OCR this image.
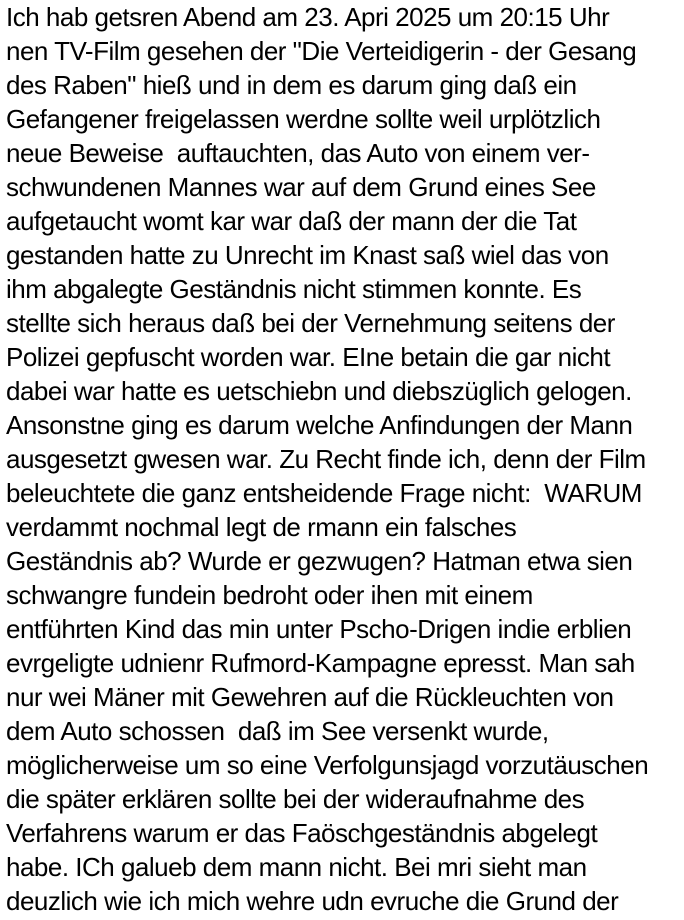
Ich hab getsren Abend am 23. Apri 2025 um 20:15 Uhr
nen TV-Film gesehen der "Die Verteidigerin - der Gesang
des Raben" hieß und in dem es darum ging daß ein
Gefangener freigelassen werdne sollte weil urplötzlich
neue Beweise  auftauchten, das Auto von einem ver-
schwundenen Mannes war auf dem Grund eines See
aufgetaucht womt kar war daß der mann der die Tat
gestanden hatte zu Unrecht im Knast saß wiel das von
ihm abgalegte Geständnis nicht stimmen konnte. Es
stellte sich heraus daß bei der Vernehmung seitens der
Polizei gepfuscht worden war. EIne betain die gar nicht
dabei war hatte es uetschiebn und diebszüglich gelogen.
Ansonstne ging es darum welche Anfindungen der Mann
ausgesetzt gwesen war. Zu Recht finde ich, denn der Film
beleuchtete die ganz entsheidende Frage nicht:  WARUM
verdammt nochmal legt de rmann ein falsches
Geständnis ab? Wurde er gezwugen? Hatman etwa sien
schwangre fundein bedroht oder ihen mit einem
entführten Kind das min unter Pscho-Drigen indie erblien
evrgeligte udnienr Rufmord-Kampagne epresst. Man sah
nur wei Mäner mit Gewehren auf die Rückleuchten von
dem Auto schossen  daß im See versenkt wurde,
möglicherweise um so eine Verfolgunsjagd vorzutäuschen
die später erklären sollte bei der wideraufnahme des
Verfahrens warum er das Faöschgeständnis abgelegt
habe. ICh galueb dem mann nicht. Bei mri sieht man
deuzlich wie ich mich wehre udn evruche die Grund der
